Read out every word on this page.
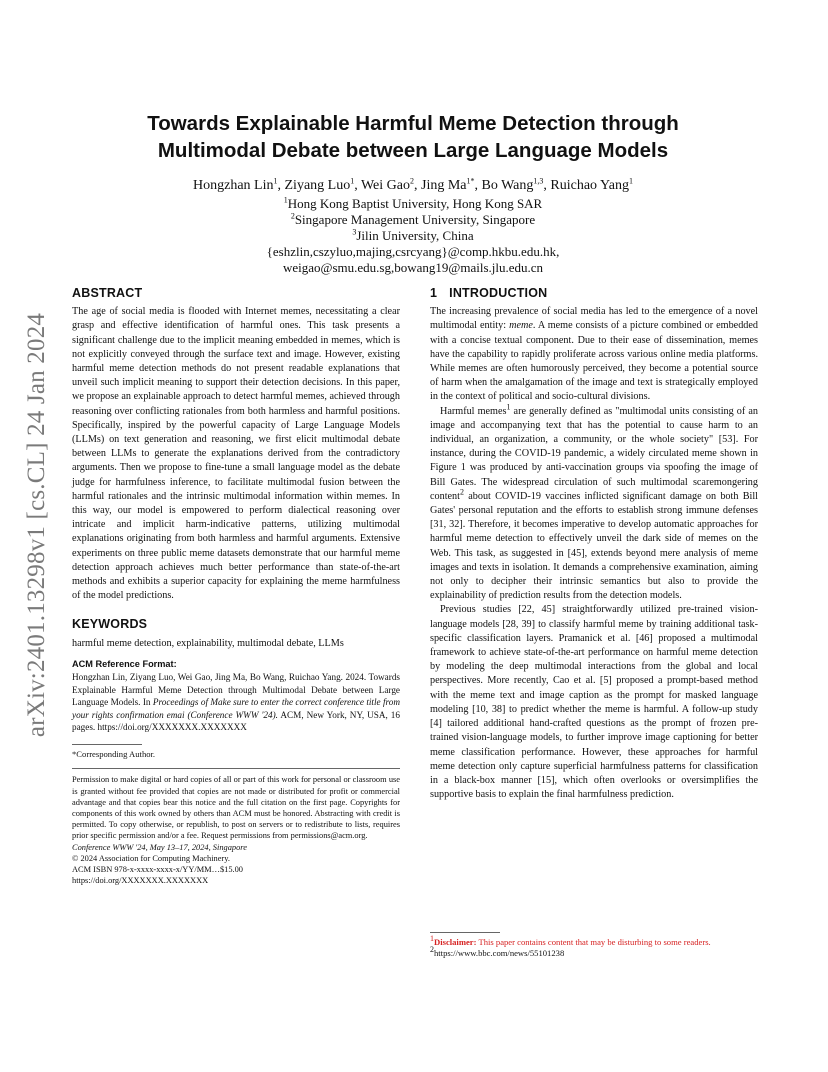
arXiv:2401.13298v1 [cs.CL] 24 Jan 2024
Towards Explainable Harmful Meme Detection through
Multimodal Debate between Large Language Models
Hongzhan Lin$^1$, Ziyang Luo$^1$, Wei Gao$^2$, Jing $Ma^{1*}$, Bo Wang$^{1,3}$, Ruichao Yang$^1$
$^1$Hong Kong Baptist University, Hong Kong SAR
$^2$Singapore Management University, Singapore
$^3$Jilin University, China
{eshzlin,cszyluo,majing,csrcyang}@comp.hkbu.edu.hk,
weigao@smu.edu.sg,bowang19@mails.jlu.edu.cn
ABSTRACT

The age of social media is flooded with Internet memes, necessitating a clear grasp and effective identification of harmful ones. This task presents a significant challenge due to the implicit meaning embedded in memes, which is not explicitly conveyed through the surface text and image. However, existing harmful meme detection methods do not present readable explanations that unveil such implicit meaning to support their detection decisions. In this paper, we propose an explainable approach to detect harmful memes, achieved through reasoning over conflicting rationales from both harmless and harmful positions. Specifically, inspired by the powerful capacity of Large Language Models (LLMs) on text generation and reasoning, we first elicit multimodal debate between LLMs to generate the explanations derived from the contradictory arguments. Then we propose to fine-tune a small language model as the debate judge for harmfulness inference, to facilitate multimodal fusion between the harmful rationales and the intrinsic multimodal information within memes. In this way, our model is empowered to perform dialectical reasoning over intricate and implicit harm-indicative patterns, utilizing multimodal explanations originating from both harmless and harmful arguments. Extensive experiments on three public meme datasets demonstrate that our harmful meme detection approach achieves much better performance than state-of-the-art methods and exhibits a superior capacity for explaining the meme harmfulness of the model predictions.

KEYWORDS

harmful meme detection, explainability, multimodal debate, LLMs

ACM Reference Format:

Hongzhan Lin, Ziyang Luo, Wei Gao, Jing Ma, Bo Wang, Ruichao Yang. 2024. Towards Explainable Harmful Meme Detection through Multimodal Debate between Large Language Models. In Proceedings of Make sure to enter the correct conference title from your rights confirmation emai (Conference WWW '24). ACM, New York, NY, USA, 16 pages. https://doi.org/XXXXXXX.XXXXXXX

*Corresponding Author.

Permission to make digital or hard copies of all or part of this work for personal or classroom use is granted without fee provided that copies are not made or distributed for profit or commercial advantage and that copies bear this notice and the full citation on the first page. Copyrights for components of this work owned by others than ACM must be honored. Abstracting with credit is permitted. To copy otherwise, or republish, to post on servers or to redistribute to lists, requires prior specific permission and/or a fee. Request permissions from permissions@acm.org.

Conference WWW '24, May 13–17, 2024, Singapore
© 2024 Association for Computing Machinery.
ACM ISBN 978-x-xxxx-xxxx-x/YY/MM…$15.00
https://doi.org/XXXXXXX.XXXXXXX
1 INTRODUCTION

The increasing prevalence of social media has led to the emergence of a novel multimodal entity: meme. A meme consists of a picture combined or embedded with a concise textual component. Due to their ease of dissemination, memes have the capability to rapidly proliferate across various online media platforms. While memes are often humorously perceived, they become a potential source of harm when the amalgamation of the image and text is strategically employed in the context of political and socio-cultural divisions.

Harmful memes$^1$ are generally defined as "multimodal units consisting of an image and accompanying text that has the potential to cause harm to an individual, an organization, a community, or the whole society" [53]. For instance, during the COVID-19 pandemic, a widely circulated meme shown in Figure 1 was produced by anti-vaccination groups via spoofing the image of Bill Gates. The widespread circulation of such multimodal scaremongering content$^2$ about COVID-19 vaccines inflicted significant damage on both Bill Gates' personal reputation and the efforts to establish strong immune defenses [31, 32]. Therefore, it becomes imperative to develop automatic approaches for harmful meme detection to effectively unveil the dark side of memes on the Web. This task, as suggested in [45], extends beyond mere analysis of meme images and texts in isolation. It demands a comprehensive examination, aiming not only to decipher their intrinsic semantics but also to provide the explainability of prediction results from the detection models.

Previous studies [22, 45] straightforwardly utilized pre-trained vision-language models [28, 39] to classify harmful meme by training additional task-specific classification layers. Pramanick et al. [46] proposed a multimodal framework to achieve state-of-the-art performance on harmful meme detection by modeling the deep multimodal interactions from the global and local perspectives. More recently, Cao et al. [5] proposed a prompt-based method with the meme text and image caption as the prompt for masked language modeling [10, 38] to predict whether the meme is harmful. A follow-up study [4] tailored additional hand-crafted questions as the prompt of frozen pre-trained vision-language models, to further improve image captioning for better meme classification performance. However, these approaches for harmful meme detection only capture superficial harmfulness patterns for classification in a black-box manner [15], which often overlooks or oversimplifies the supportive basis to explain the final harmfulness prediction.

$^1$Disclaimer: This paper contains content that may be disturbing to some readers.
$^2$https://www.bbc.com/news/55101238
